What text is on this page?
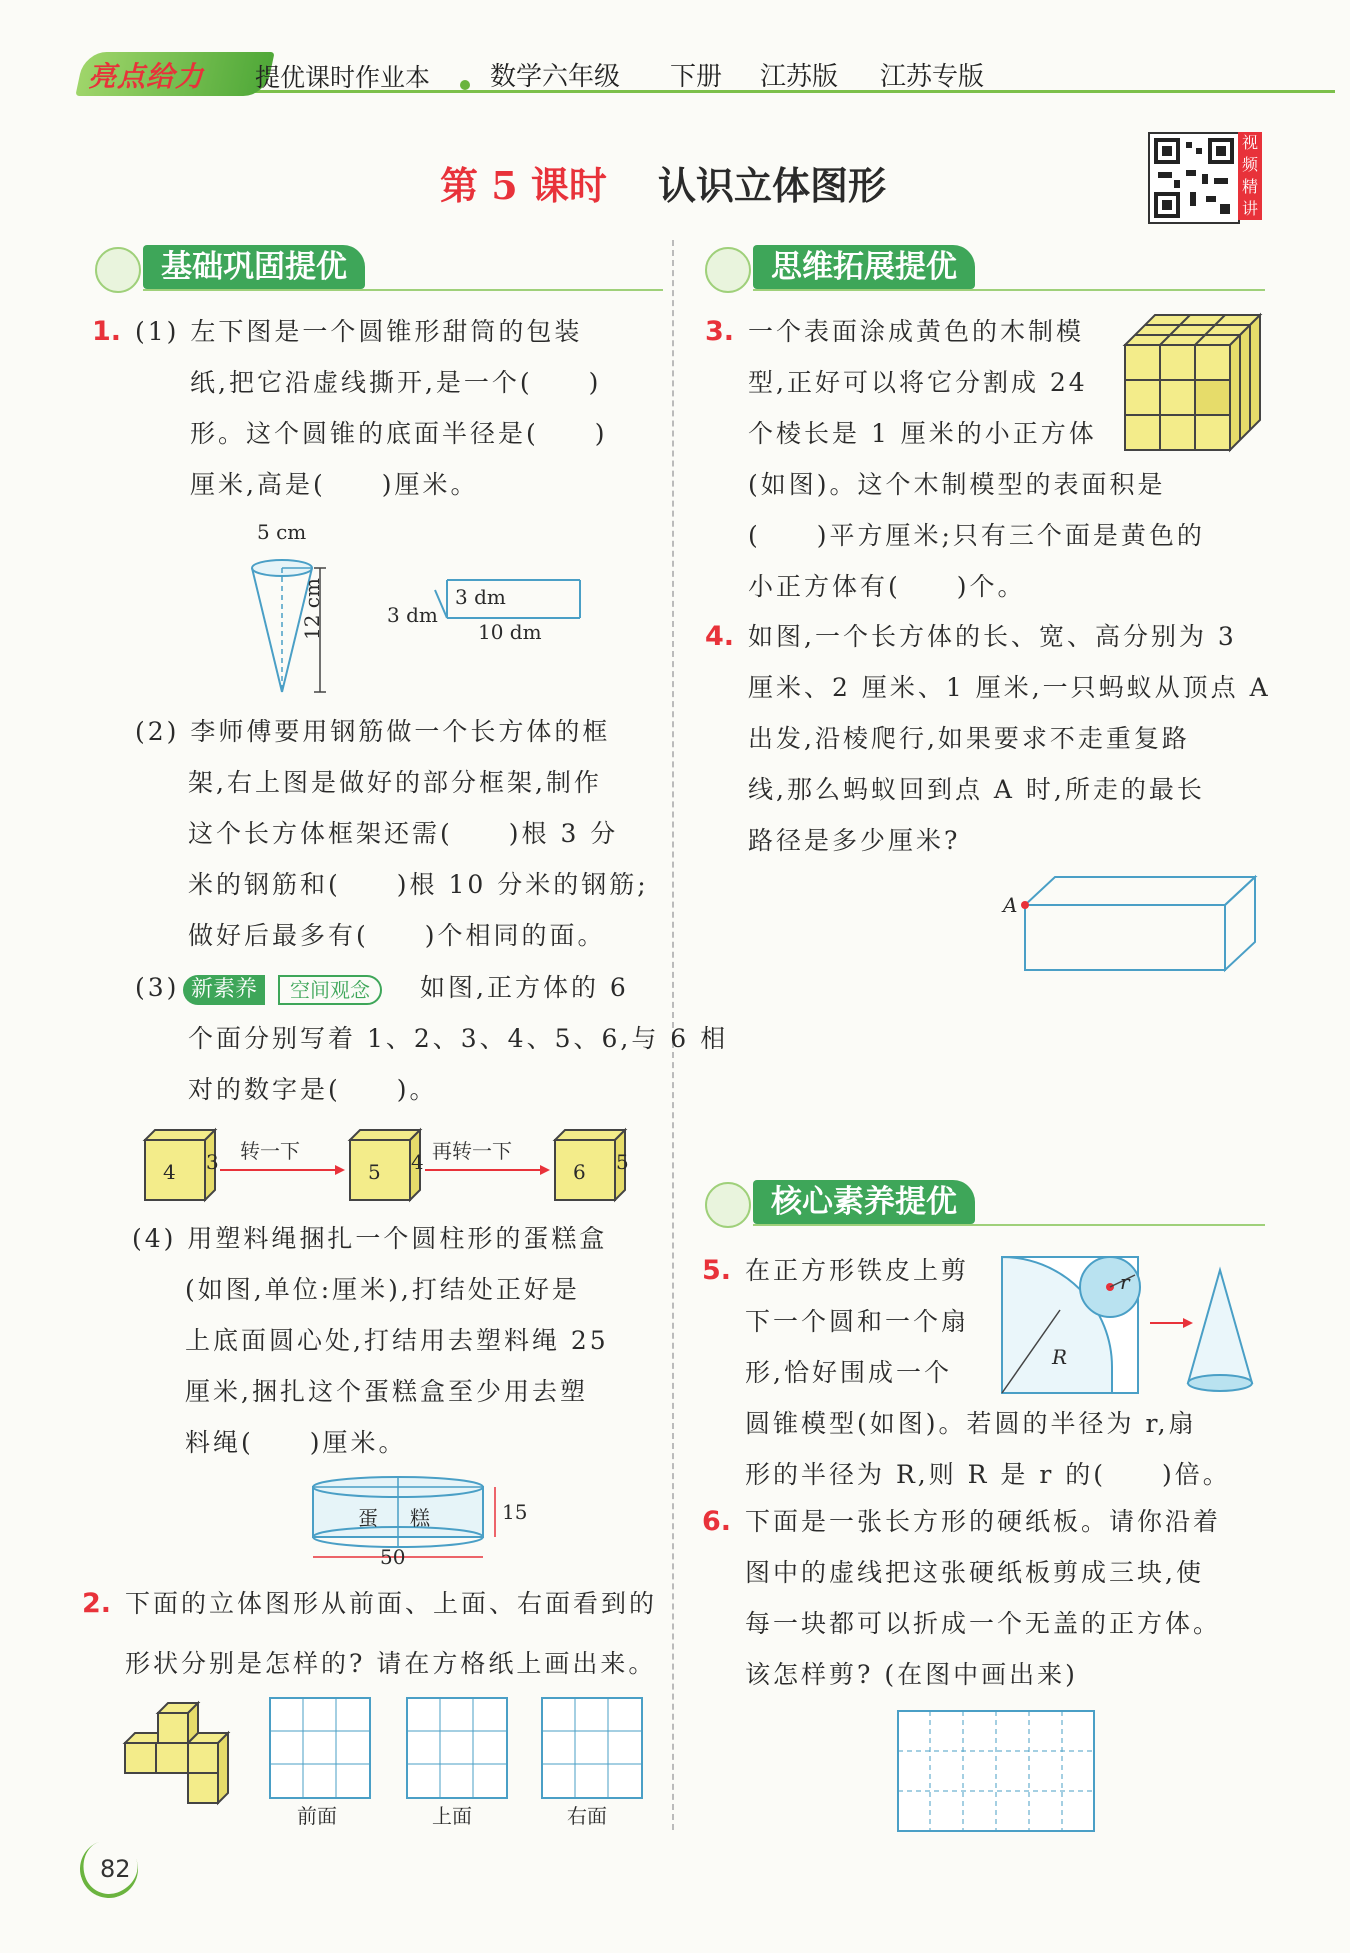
亮点给力 提优课时作业本 数学六年级 下册 江苏版 江苏专版
第 5 课时 认识立体图形
视频精讲
基础巩固提优	思维拓展提优
核心素养提优
1. (1) 左下图是一个圆锥形甜筒的包装
纸,把它沿虚线撕开,是一个(　　)
形。这个圆锥的底面半径是(　　)
厘米,高是(　　)厘米。
5 cm
12 cm	3 dm
3 dm
10 dm
(2) 李师傅要用钢筋做一个长方体的框
架,右上图是做好的部分框架,制作
这个长方体框架还需(　　)根 3 分
米的钢筋和(　　)根 10 分米的钢筋;
做好后最多有(　　)个相同的面。
(3) 新素养	空间观念	如图,正方体的 6
个面分别写着 1、2、3、4、5、6,与 6 相
对的数字是(　　)。
4 3 转一下
5 4 再转一下
6 5
(4) 用塑料绳捆扎一个圆柱形的蛋糕盒
(如图,单位:厘米),打结处正好是
上底面圆心处,打结用去塑料绳 25
厘米,捆扎这个蛋糕盒至少用去塑
料绳(　　)厘米。
蛋 糕	15
50
2. 下面的立体图形从前面、上面、右面看到的
形状分别是怎样的? 请在方格纸上画出来。
前面	上面	右面
3. 一个表面涂成黄色的木制模
型,正好可以将它分割成 24
个棱长是 1 厘米的小正方体
(如图)。这个木制模型的表面积是
(　　)平方厘米;只有三个面是黄色的
小正方体有(　　)个。
4. 如图,一个长方体的长、宽、高分别为 3
厘米、2 厘米、1 厘米,一只蚂蚁从顶点 A
出发,沿棱爬行,如果要求不走重复路
线,那么蚂蚁回到点 A 时,所走的最长
路径是多少厘米?
A
5. 在正方形铁皮上剪
下一个圆和一个扇
形,恰好围成一个
圆锥模型(如图)。若圆的半径为 r,扇
形的半径为 R,则 R 是 r 的(　　)倍。
r
R
6. 下面是一张长方形的硬纸板。请你沿着
图中的虚线把这张硬纸板剪成三块,使
每一块都可以折成一个无盖的正方体。
该怎样剪? (在图中画出来)
82
